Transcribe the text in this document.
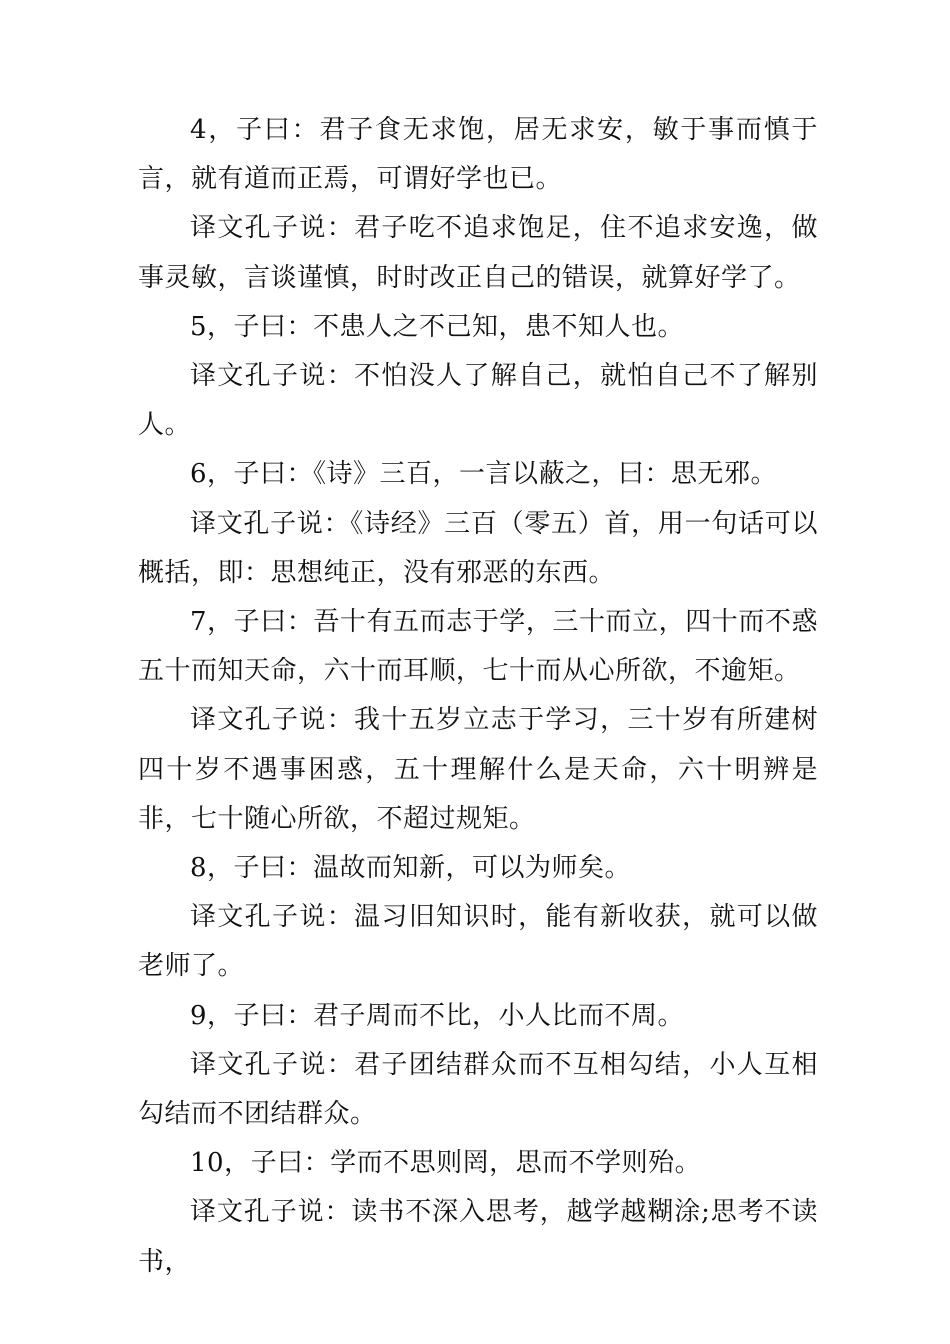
4，子曰：君子食无求饱，居无求安，敏于事而慎于言，就有道而正焉，可谓好学也已。

译文孔子说：君子吃不追求饱足，住不追求安逸，做事灵敏，言谈谨慎，时时改正自己的错误，就算好学了。

5，子曰：不患人之不己知，患不知人也。

译文孔子说：不怕没人了解自己，就怕自己不了解别人。

6，子曰：《诗》三百，一言以蔽之，曰：思无邪。

译文孔子说：《诗经》三百（零五）首，用一句话可以概括，即：思想纯正，没有邪恶的东西。

7，子曰：吾十有五而志于学，三十而立，四十而不惑五十而知天命，六十而耳顺，七十而从心所欲，不逾矩。

译文孔子说：我十五岁立志于学习，三十岁有所建树四十岁不遇事困惑，五十理解什么是天命，六十明辨是非，七十随心所欲，不超过规矩。

8，子曰：温故而知新，可以为师矣。

译文孔子说：温习旧知识时，能有新收获，就可以做老师了。

9，子曰：君子周而不比，小人比而不周。

译文孔子说：君子团结群众而不互相勾结，小人互相勾结而不团结群众。

10，子曰：学而不思则罔，思而不学则殆。

译文孔子说：读书不深入思考，越学越糊涂;思考不读书，
